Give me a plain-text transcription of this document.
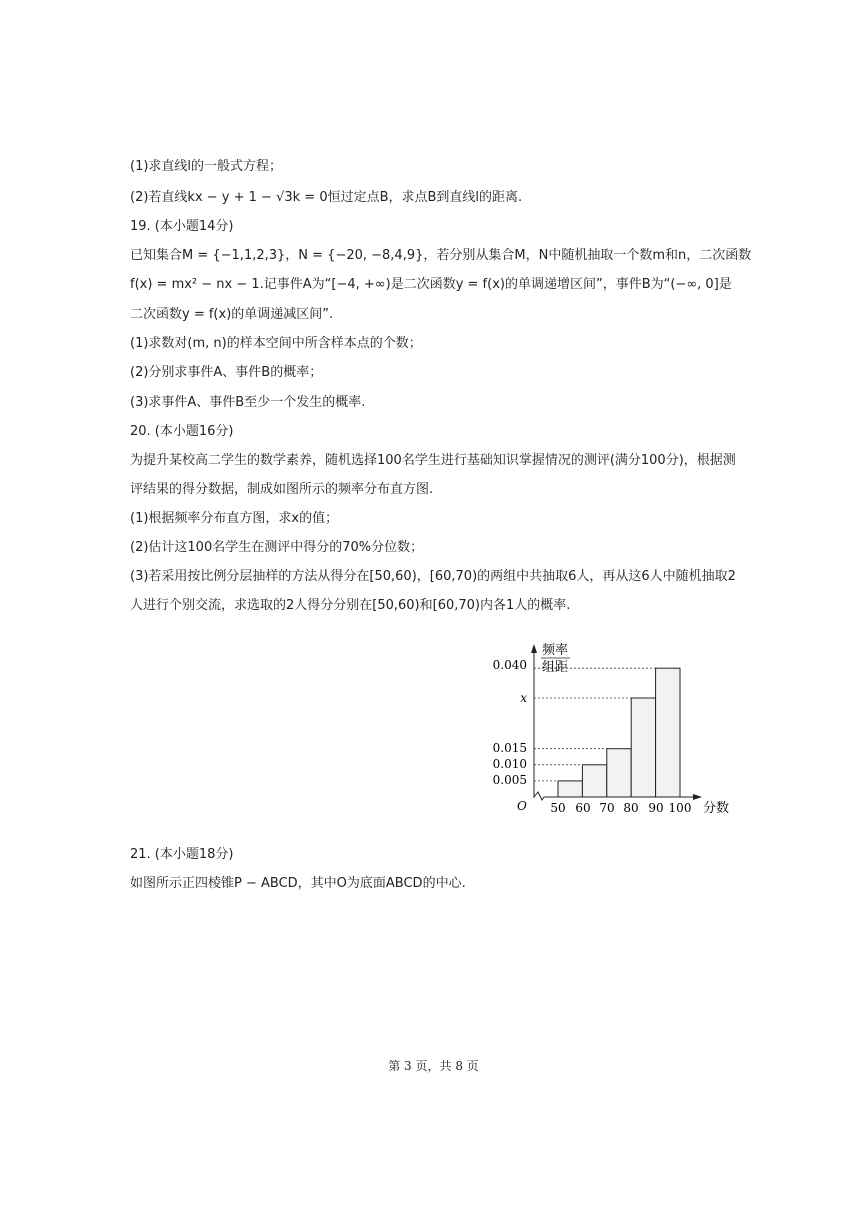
(1)求直线l的一般式方程；
(2)若直线kx − y + 1 − √3k = 0恒过定点B，求点B到直线l的距离.
19. (本小题14分)
已知集合M = {−1,1,2,3}，N = {−20, −8,4,9}，若分别从集合M，N中随机抽取一个数m和n，二次函数
f(x) = mx² − nx − 1.记事件A为“[−4, +∞)是二次函数y = f(x)的单调递增区间”，事件B为“(−∞, 0]是
二次函数y = f(x)的单调递减区间”.
(1)求数对(m, n)的样本空间中所含样本点的个数；
(2)分别求事件A、事件B的概率；
(3)求事件A、事件B至少一个发生的概率.
20. (本小题16分)
为提升某校高二学生的数学素养，随机选择100名学生进行基础知识掌握情况的测评(满分100分)，根据测
评结果的得分数据，制成如图所示的频率分布直方图.
(1)根据频率分布直方图，求x的值；
(2)估计这100名学生在测评中得分的70%分位数；
(3)若采用按比例分层抽样的方法从得分在[50,60)，[60,70)的两组中共抽取6人，再从这6人中随机抽取2
人进行个别交流，求选取的2人得分分别在[50,60)和[60,70)内各1人的概率.
频率
组距
0.040
x
0.015
0.010
0.005
O 50 60 70 80 90 100 分数
21. (本小题18分)
如图所示正四棱锥P − ABCD，其中O为底面ABCD的中心.
第 3 页，共 8 页
